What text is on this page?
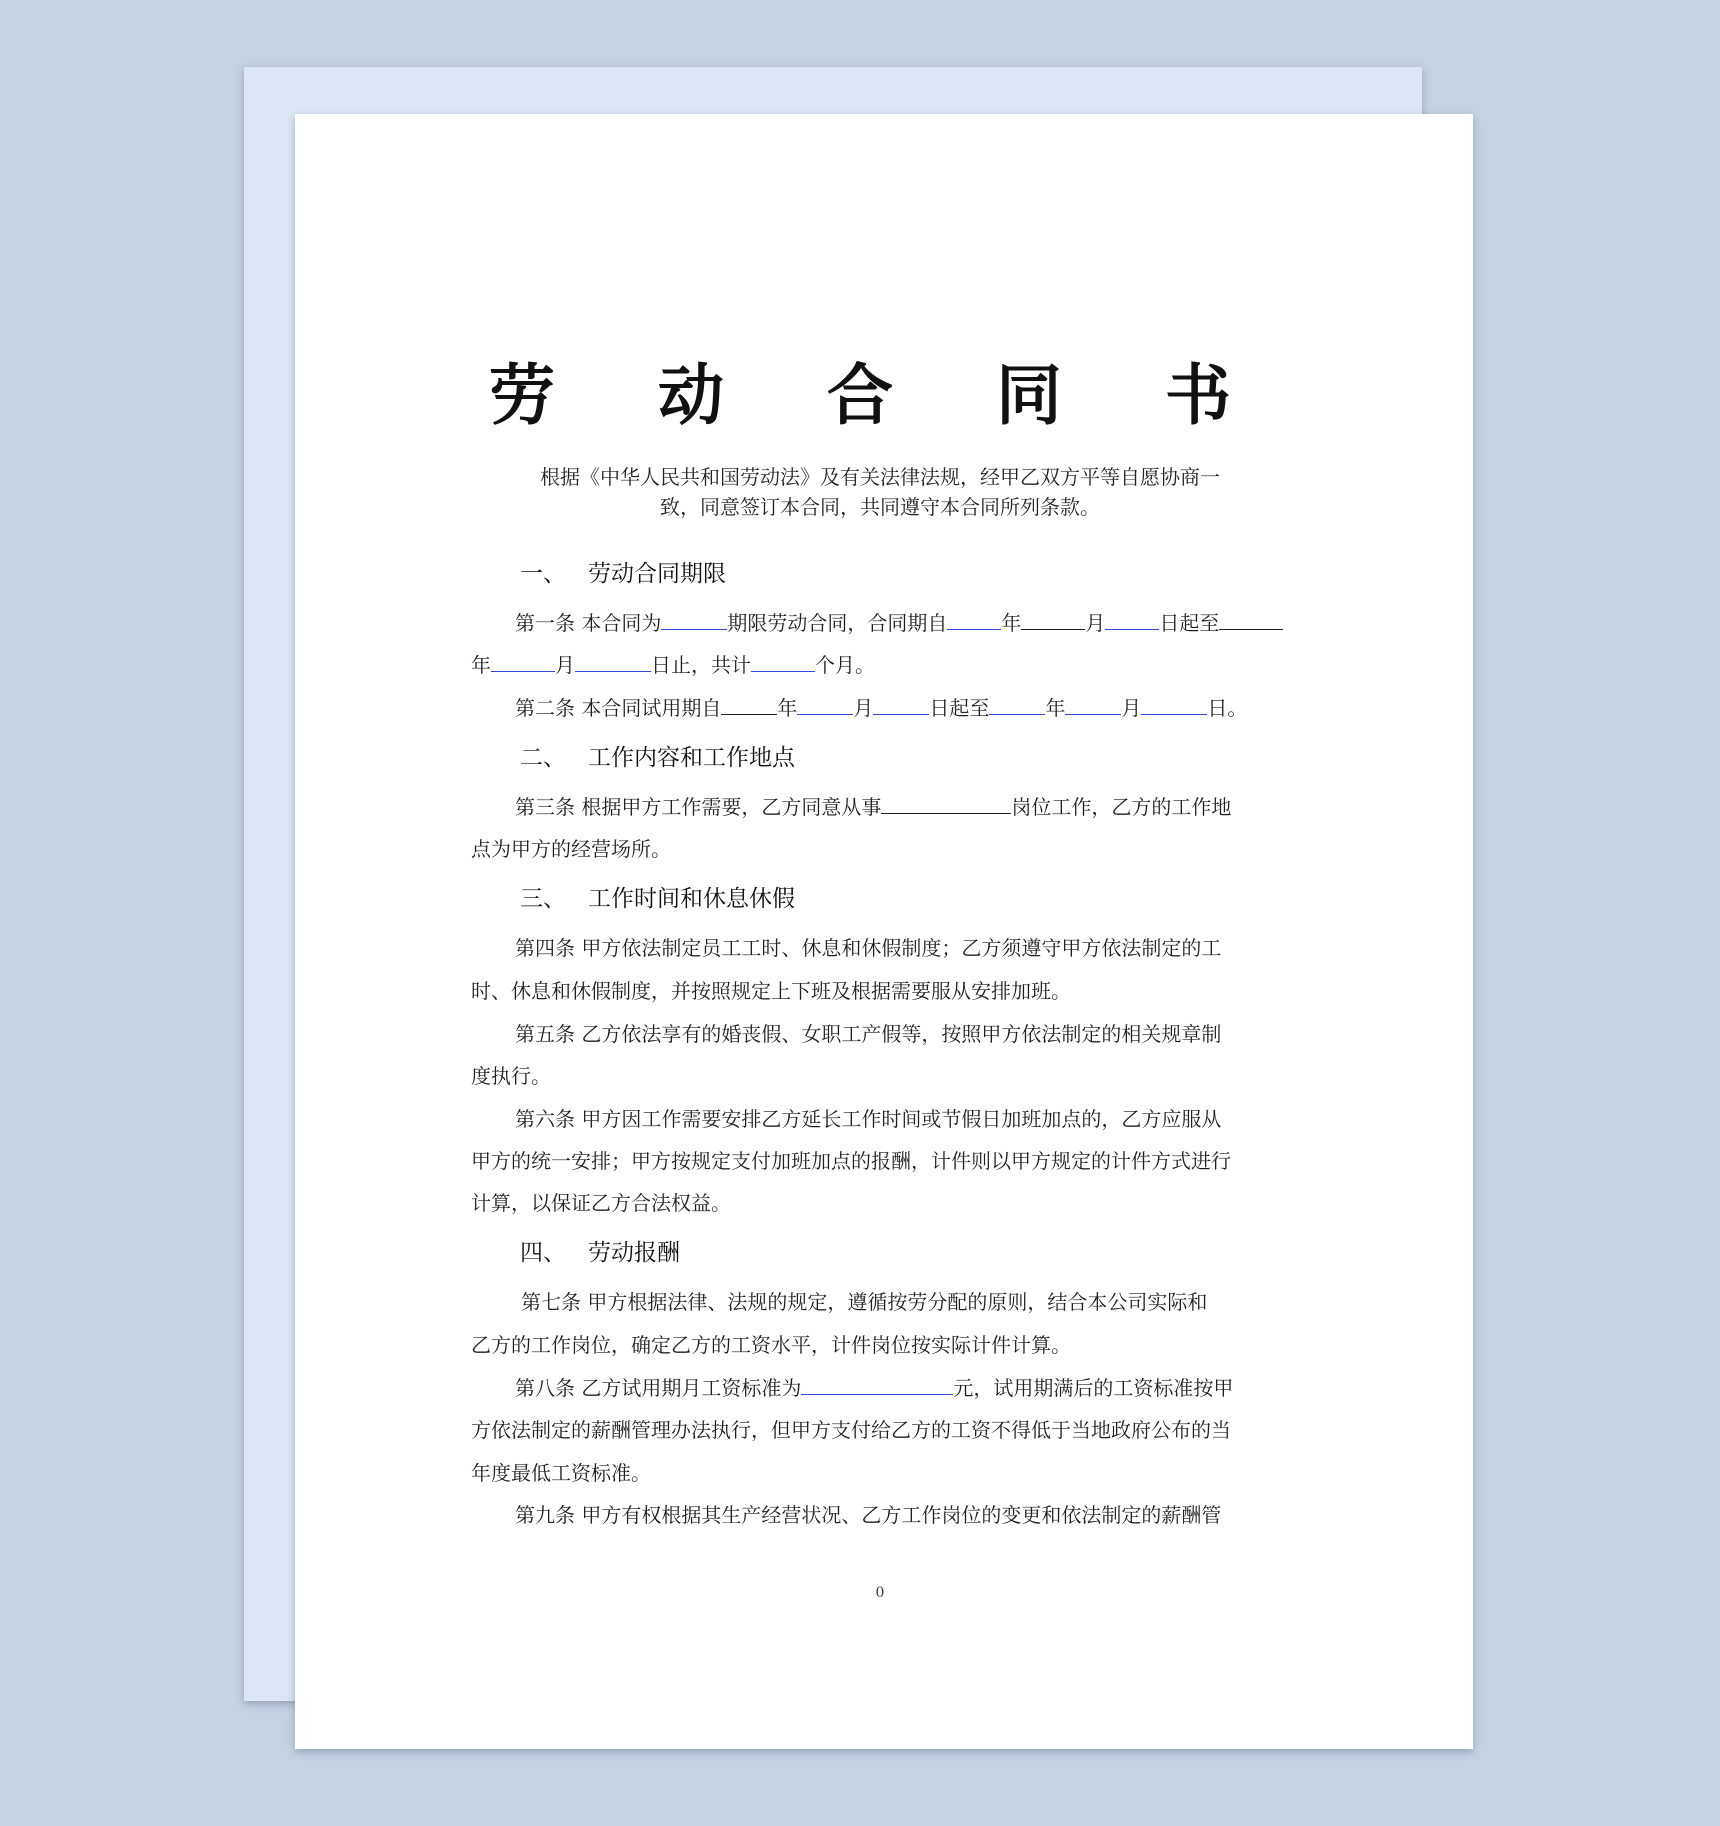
劳 动 合 同 书
根据《中华人民共和国劳动法》及有关法律法规，经甲乙双方平等自愿协商一
致，同意签订本合同，共同遵守本合同所列条款。
一、 劳动合同期限
第一条 本合同为	期限劳动合同，合同期自	年	月	日起至
年	月	日止，共计	个月。
第二条 本合同试用期自	年	月	日起至	年	月	日。
二、 工作内容和工作地点
第三条 根据甲方工作需要，乙方同意从事	岗位工作，乙方的工作地
点为甲方的经营场所。
三、 工作时间和休息休假
第四条 甲方依法制定员工工时、休息和休假制度；乙方须遵守甲方依法制定的工
时、休息和休假制度，并按照规定上下班及根据需要服从安排加班。
第五条 乙方依法享有的婚丧假、女职工产假等，按照甲方依法制定的相关规章制
度执行。
第六条 甲方因工作需要安排乙方延长工作时间或节假日加班加点的，乙方应服从
甲方的统一安排；甲方按规定支付加班加点的报酬，计件则以甲方规定的计件方式进行
计算，以保证乙方合法权益。
四、 劳动报酬
第七条 甲方根据法律、法规的规定，遵循按劳分配的原则，结合本公司实际和
乙方的工作岗位，确定乙方的工资水平，计件岗位按实际计件计算。
第八条 乙方试用期月工资标准为	元，试用期满后的工资标准按甲
方依法制定的薪酬管理办法执行，但甲方支付给乙方的工资不得低于当地政府公布的当
年度最低工资标准。
第九条 甲方有权根据其生产经营状况、乙方工作岗位的变更和依法制定的薪酬管
0
